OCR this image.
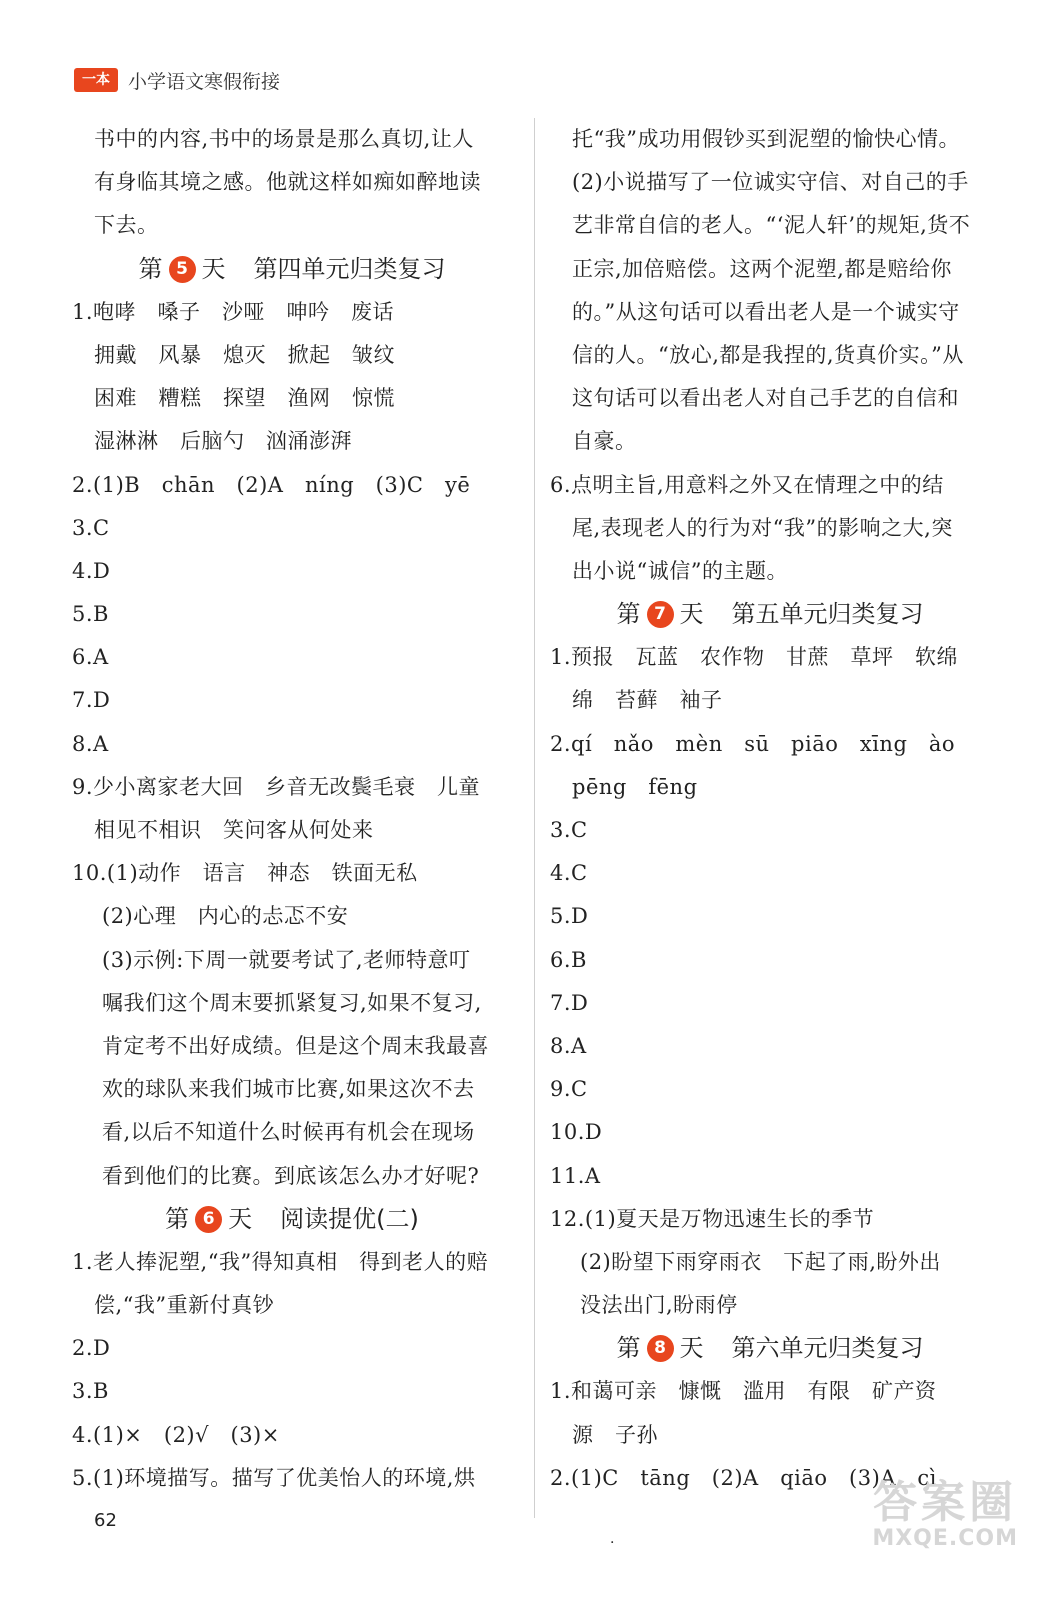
一本 小学语文寒假衔接
书中的内容,书中的场景是那么真切,让人
有身临其境之感。他就这样如痴如醉地读
下去。
第 5 天 第四单元归类复习
1.咆哮　嗓子　沙哑　呻吟　废话
拥戴　风暴　熄灭　掀起　皱纹
困难　糟糕　探望　渔网　惊慌
湿淋淋　后脑勺　汹涌澎湃
2.(1)B　chān　(2)A　níng　(3)C　yē
3.C
4.D
5.B
6.A
7.D
8.A
9.少小离家老大回　乡音无改鬓毛衰　儿童
相见不相识　笑问客从何处来
10.(1)动作　语言　神态　铁面无私
(2)心理　内心的忐忑不安
(3)示例:下周一就要考试了,老师特意叮
嘱我们这个周末要抓紧复习,如果不复习,
肯定考不出好成绩。但是这个周末我最喜
欢的球队来我们城市比赛,如果这次不去
看,以后不知道什么时候再有机会在现场
看到他们的比赛。到底该怎么办才好呢?
第 6 天 阅读提优(二)
1.老人捧泥塑,“我”得知真相　得到老人的赔
偿,“我”重新付真钞
2.D
3.B
4.(1)×　(2)√　(3)×
5.(1)环境描写。描写了优美怡人的环境,烘
托“我”成功用假钞买到泥塑的愉快心情。
(2)小说描写了一位诚实守信、对自己的手
艺非常自信的老人。“‘泥人轩’的规矩,货不
正宗,加倍赔偿。这两个泥塑,都是赔给你
的。”从这句话可以看出老人是一个诚实守
信的人。“放心,都是我捏的,货真价实。”从
这句话可以看出老人对自己手艺的自信和
自豪。
6.点明主旨,用意料之外又在情理之中的结
尾,表现老人的行为对“我”的影响之大,突
出小说“诚信”的主题。
第 7 天 第五单元归类复习
1.预报　瓦蓝　农作物　甘蔗　草坪　软绵
绵　苔藓　袖子
2.qí　nǎo　mèn　sū　piāo　xīng　ào
pēng　fēng
3.C
4.C
5.D
6.B
7.D
8.A
9.C
10.D
11.A
12.(1)夏天是万物迅速生长的季节
(2)盼望下雨穿雨衣　下起了雨,盼外出
没法出门,盼雨停
第 8 天 第六单元归类复习
1.和蔼可亲　慷慨　滥用　有限　矿产资
源　子孙
2.(1)C　tāng　(2)A　qiāo　(3)A　cì
62
·
答案圈
MXQE.COM
